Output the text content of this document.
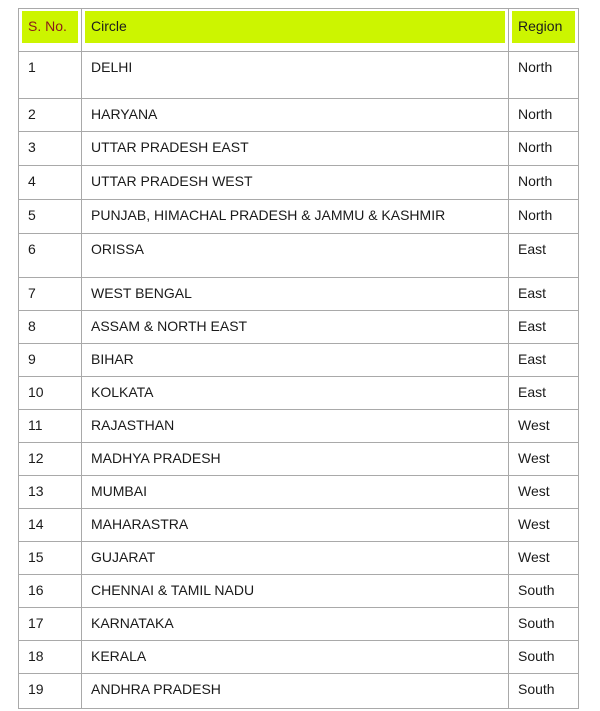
S. No.	Circle	Region

1	DELHI	North
2	HARYANA	North
3	UTTAR PRADESH EAST	North
4	UTTAR PRADESH WEST	North
5	PUNJAB, HIMACHAL PRADESH & JAMMU & KASHMIR	North
6	ORISSA	East
7	WEST BENGAL	East
8	ASSAM & NORTH EAST	East
9	BIHAR	East
10	KOLKATA	East
11	RAJASTHAN	West
12	MADHYA PRADESH	West
13	MUMBAI	West
14	MAHARASTRA	West
15	GUJARAT	West
16	CHENNAI & TAMIL NADU	South
17	KARNATAKA	South
18	KERALA	South
19	ANDHRA PRADESH	South
